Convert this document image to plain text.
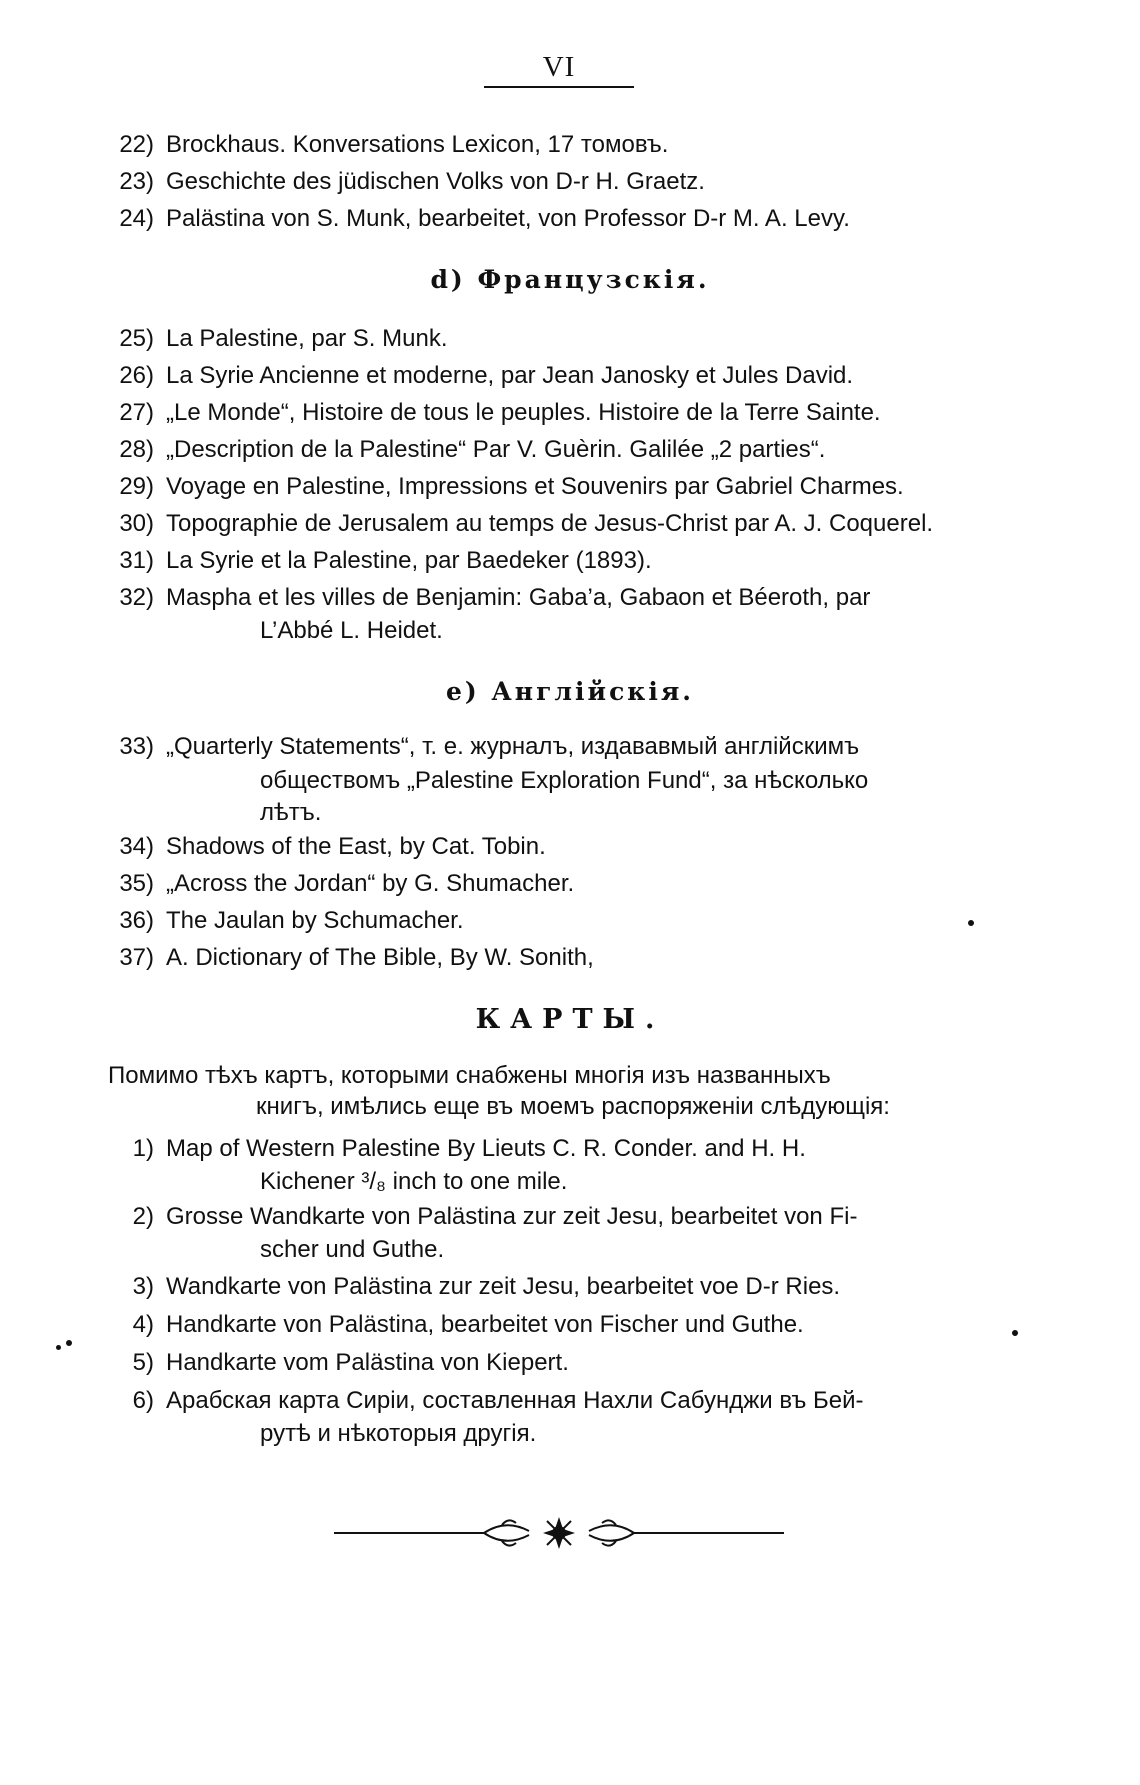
VI
22) Brockhaus. Konversations Lexicon, 17 томовъ.
23) Geschichte des jüdischen Volks von D-r H. Graetz.
24) Palästina von S. Munk, bearbeitet, von Professor D-r M. A. Levy.
d) Французскiя.
25) La Palestine, par S. Munk.
26) La Syrie Ancienne et moderne, par Jean Janosky et Jules David.
27) „Le Monde“, Histoire de tous le peuples. Histoire de la Terre Sainte.
28) „Description de la Palestine“ Par V. Guèrin. Galilée „2 parties“.
29) Voyage en Palestine, Impressions et Souvenirs par Gabriel Charmes.
30) Topographie de Jerusalem au temps de Jesus-Christ par A. J. Coquerel.
31) La Syrie et la Palestine, par Baedeker (1893).
32) Maspha et les villes de Benjamin: Gaba’a, Gabaon et Béeroth, par
L’Abbé L. Heidet.
e) Англiйскiя.
33) „Quarterly Statements“, т. е. журналъ, издававмый англiйскимъ
обществомъ „Palestine Exploration Fund“, за нѣсколько
лѣтъ.
34) Shadows of the East, by Cat. Tobin.
35) „Across the Jordan“ by G. Shumacher.
36) The Jaulan by Schumacher.
37) A. Dictionary of The Bible, By W. Sonith,
КАРТЫ.
Помимо тѣхъ картъ, которыми снабжены многiя изъ названныхъ
книгъ, имѣлись еще въ моемъ распоряженiи слѣдующiя:
1) Map of Western Palestine By Lieuts C. R. Conder. and H. H.
Kichener ³/₈ inch to one mile.
2) Grosse Wandkarte von Palästina zur zeit Jesu, bearbeitet von Fi-
scher und Guthe.
3) Wandkarte von Palästina zur zeit Jesu, bearbeitet voe D-r Ries.
4) Handkarte von Palästina, bearbeitet von Fischer und Guthe.
5) Handkarte vom Palästina von Kiepert.
6) Арабская карта Сирiи, составленная Нахли Сабунджи въ Бей-
рутѣ и нѣкоторыя другiя.
